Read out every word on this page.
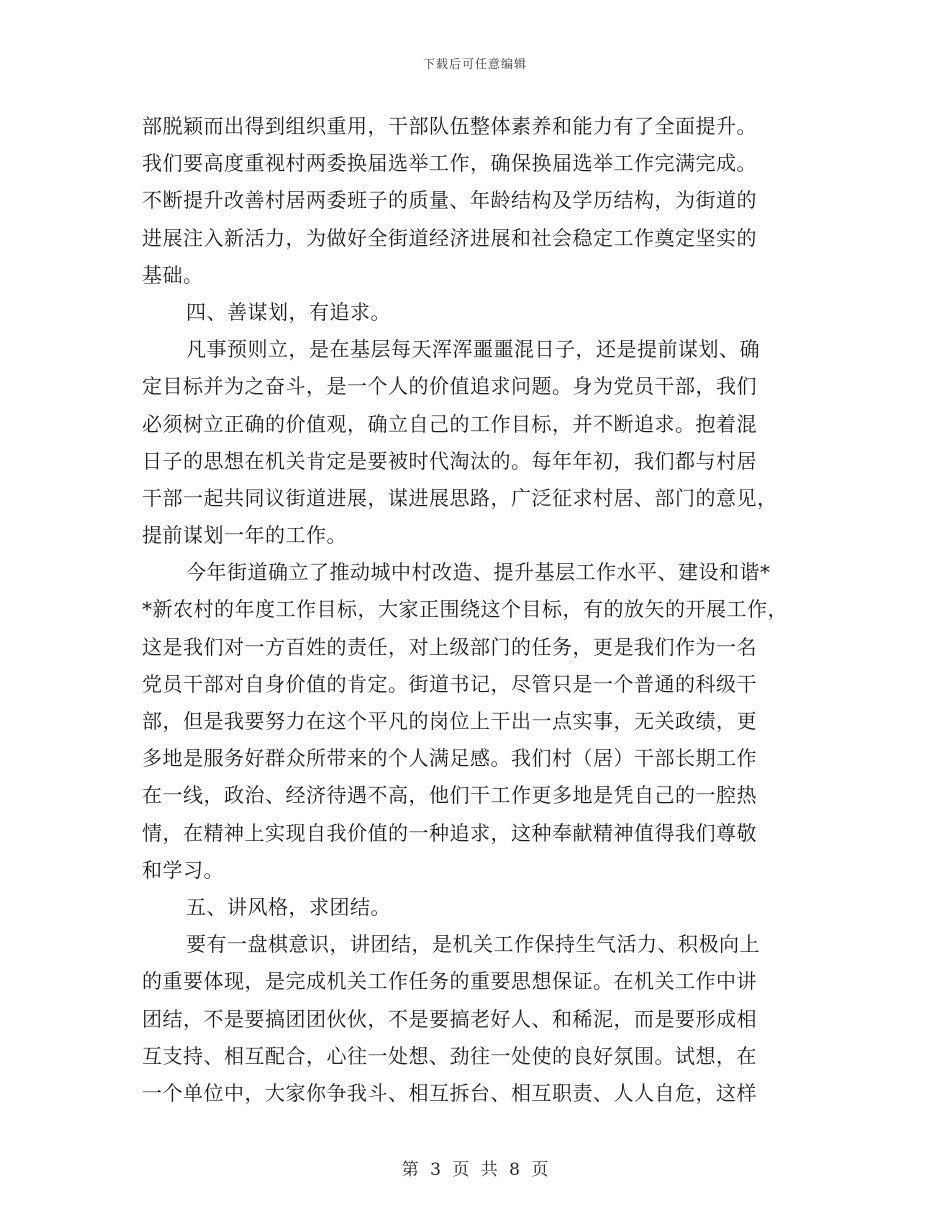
下载后可任意编辑
部脱颖而出得到组织重用，干部队伍整体素养和能力有了全面提升。
我们要高度重视村两委换届选举工作，确保换届选举工作完满完成。
不断提升改善村居两委班子的质量、年龄结构及学历结构，为街道的
进展注入新活力，为做好全街道经济进展和社会稳定工作奠定坚实的
基础。
四、善谋划，有追求。
凡事预则立，是在基层每天浑浑噩噩混日子，还是提前谋划、确
定目标并为之奋斗，是一个人的价值追求问题。身为党员干部，我们
必须树立正确的价值观，确立自己的工作目标，并不断追求。抱着混
日子的思想在机关肯定是要被时代淘汰的。每年年初，我们都与村居
干部一起共同议街道进展，谋进展思路，广泛征求村居、部门的意见，
提前谋划一年的工作。
今年街道确立了推动城中村改造、提升基层工作水平、建设和谐*
*新农村的年度工作目标，大家正围绕这个目标，有的放矢的开展工作，
这是我们对一方百姓的责任，对上级部门的任务，更是我们作为一名
党员干部对自身价值的肯定。街道书记，尽管只是一个普通的科级干
部，但是我要努力在这个平凡的岗位上干出一点实事，无关政绩，更
多地是服务好群众所带来的个人满足感。我们村（居）干部长期工作
在一线，政治、经济待遇不高，他们干工作更多地是凭自己的一腔热
情，在精神上实现自我价值的一种追求，这种奉献精神值得我们尊敬
和学习。
五、讲风格，求团结。
要有一盘棋意识，讲团结，是机关工作保持生气活力、积极向上
的重要体现，是完成机关工作任务的重要思想保证。在机关工作中讲
团结，不是要搞团团伙伙，不是要搞老好人、和稀泥，而是要形成相
互支持、相互配合，心往一处想、劲往一处使的良好氛围。试想，在
一个单位中，大家你争我斗、相互拆台、相互职责、人人自危，这样
第 3 页 共 8 页
